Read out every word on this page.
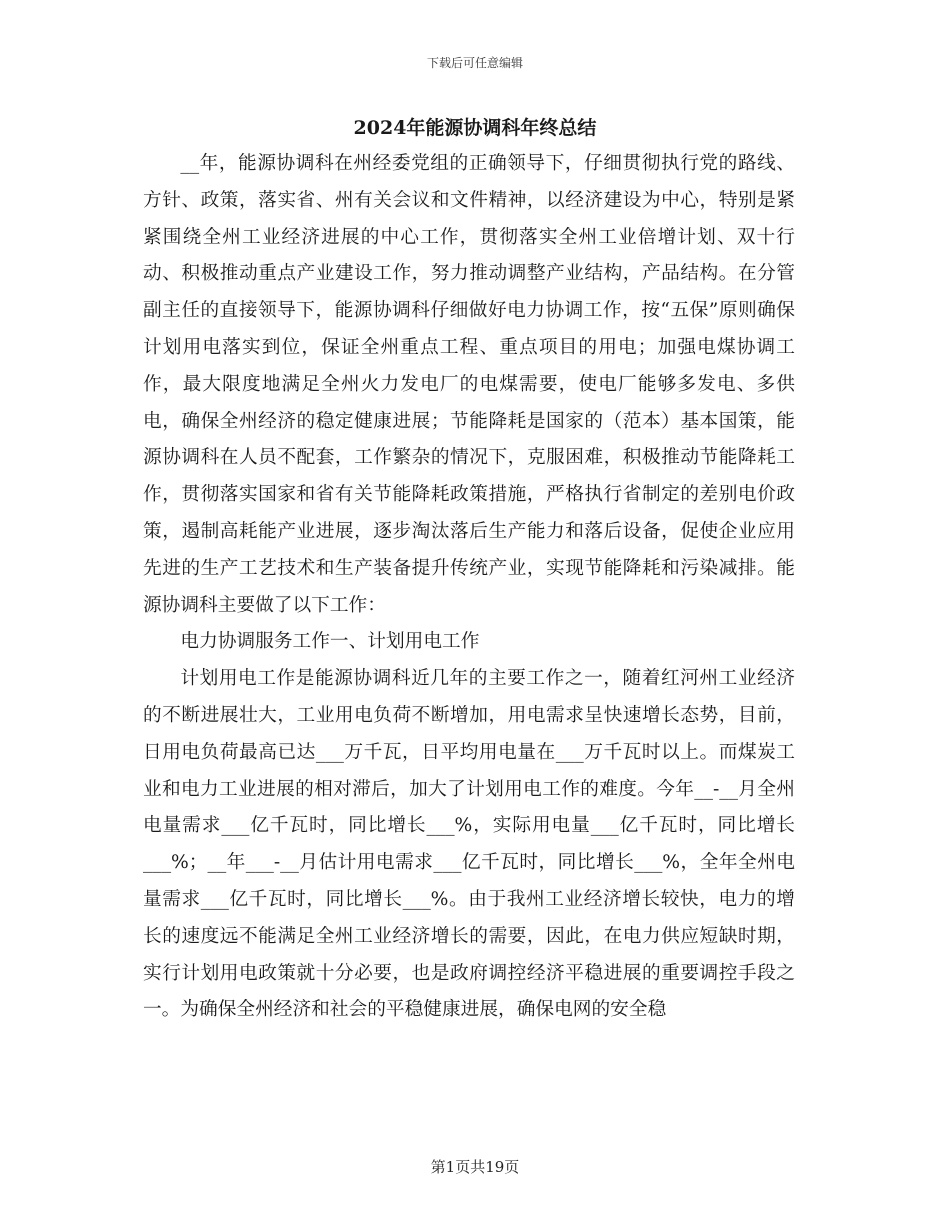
下载后可任意编辑
2024年能源协调科年终总结

__年，能源协调科在州经委党组的正确领导下，仔细贯彻执行党的路线、方针、政策，落实省、州有关会议和文件精神，以经济建设为中心，特别是紧紧围绕全州工业经济进展的中心工作，贯彻落实全州工业倍增计划、双十行动、积极推动重点产业建设工作，努力推动调整产业结构，产品结构。在分管副主任的直接领导下，能源协调科仔细做好电力协调工作，按“五保”原则确保计划用电落实到位，保证全州重点工程、重点项目的用电；加强电煤协调工作，最大限度地满足全州火力发电厂的电煤需要，使电厂能够多发电、多供电，确保全州经济的稳定健康进展；节能降耗是国家的（范本）基本国策，能源协调科在人员不配套，工作繁杂的情况下，克服困难，积极推动节能降耗工作，贯彻落实国家和省有关节能降耗政策措施，严格执行省制定的差别电价政策，遏制高耗能产业进展，逐步淘汰落后生产能力和落后设备，促使企业应用先进的生产工艺技术和生产装备提升传统产业，实现节能降耗和污染减排。能源协调科主要做了以下工作：

电力协调服务工作一、计划用电工作

计划用电工作是能源协调科近几年的主要工作之一，随着红河州工业经济的不断进展壮大，工业用电负荷不断增加，用电需求呈快速增长态势，目前，日用电负荷最高已达___万千瓦，日平均用电量在___万千瓦时以上。而煤炭工业和电力工业进展的相对滞后，加大了计划用电工作的难度。今年__-__月全州电量需求___亿千瓦时，同比增长___%，实际用电量___亿千瓦时，同比增长___%；__年___-__月估计用电需求___亿千瓦时，同比增长___%，全年全州电量需求___亿千瓦时，同比增长___%。由于我州工业经济增长较快，电力的增长的速度远不能满足全州工业经济增长的需要，因此，在电力供应短缺时期，实行计划用电政策就十分必要，也是政府调控经济平稳进展的重要调控手段之一。为确保全州经济和社会的平稳健康进展，确保电网的安全稳

第1页共19页
